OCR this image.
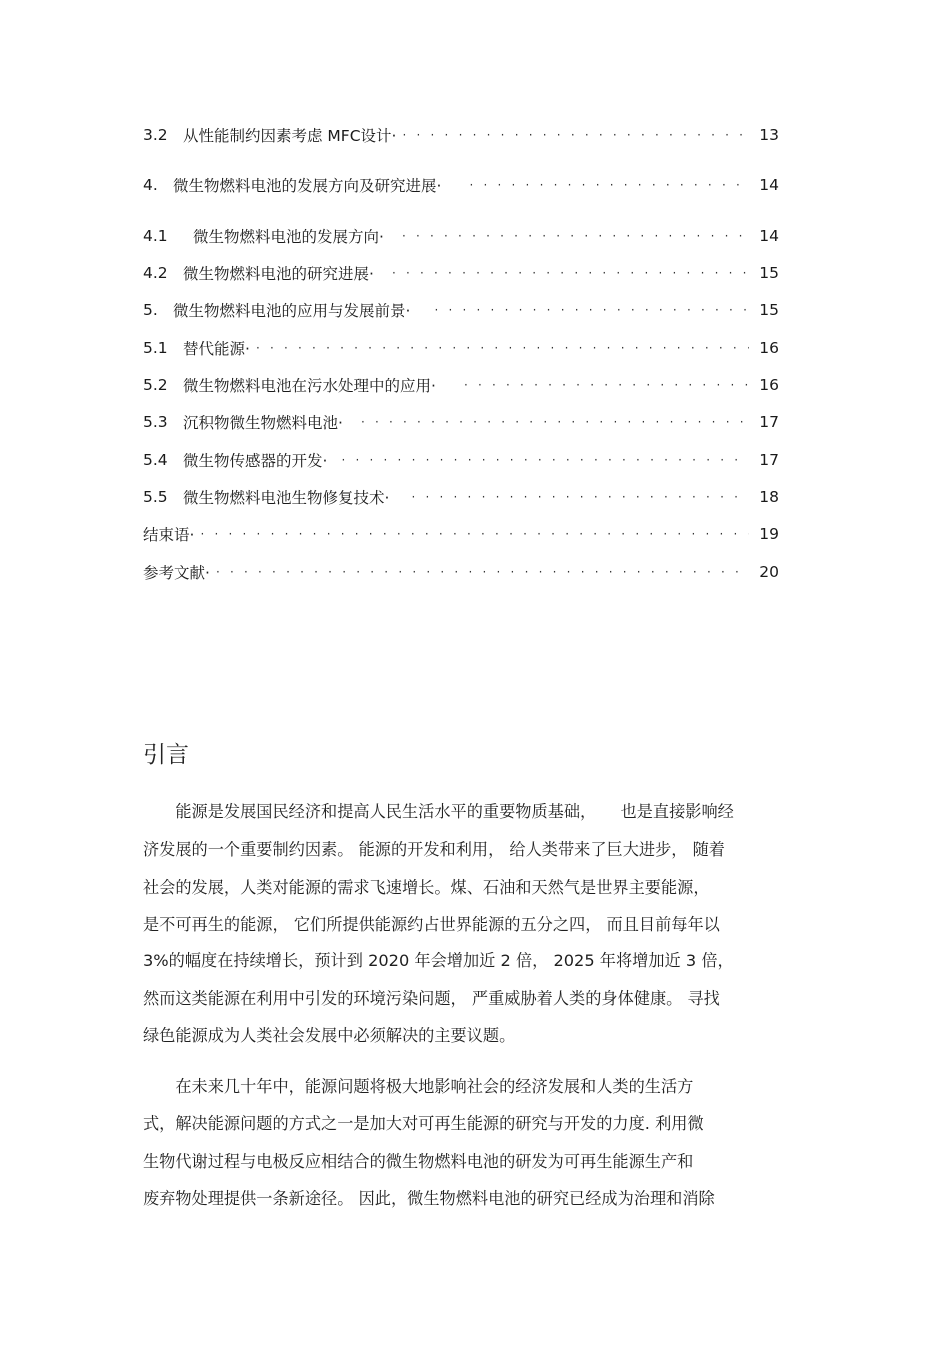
3.2 从性能制约因素考虑 MFC设计· · · ·	13
4. 微生物燃料电池的发展方向及研究进展· · · ·	14
4.1	微生物燃料电池的发展方向· · · ·	14
4.2 微生物燃料电池的研究进展· · · ·	15
5. 微生物燃料电池的应用与发展前景· · · ·	15
5.1 替代能源· · · ·	16
5.2 微生物燃料电池在污水处理中的应用· · · ·	16
5.3 沉积物微生物燃料电池· · · ·	17
5.4 微生物传感器的开发· · · ·	17
5.5 微生物燃料电池生物修复技术· · · ·	18
结束语· · · ·	19
参考文献· · · ·	20
引言
　　能源是发展国民经济和提高人民生活水平的重要物质基础，　　也是直接影响经
济发展的一个重要制约因素。 能源的开发和利用， 给人类带来了巨大进步， 随着
社会的发展，人类对能源的需求飞速增长。煤、石油和天然气是世界主要能源，
是不可再生的能源， 它们所提供能源约占世界能源的五分之四， 而且目前每年以
3%的幅度在持续增长，预计到 2020 年会增加近 2 倍， 2025 年将增加近 3 倍，
然而这类能源在利用中引发的环境污染问题， 严重威胁着人类的身体健康。 寻找
绿色能源成为人类社会发展中必须解决的主要议题。
　　在未来几十年中，能源问题将极大地影响社会的经济发展和人类的生活方
式，解决能源问题的方式之一是加大对可再生能源的研究与开发的力度. 利用微
生物代谢过程与电极反应相结合的微生物燃料电池的研发为可再生能源生产和
废弃物处理提供一条新途径。 因此，微生物燃料电池的研究已经成为治理和消除
